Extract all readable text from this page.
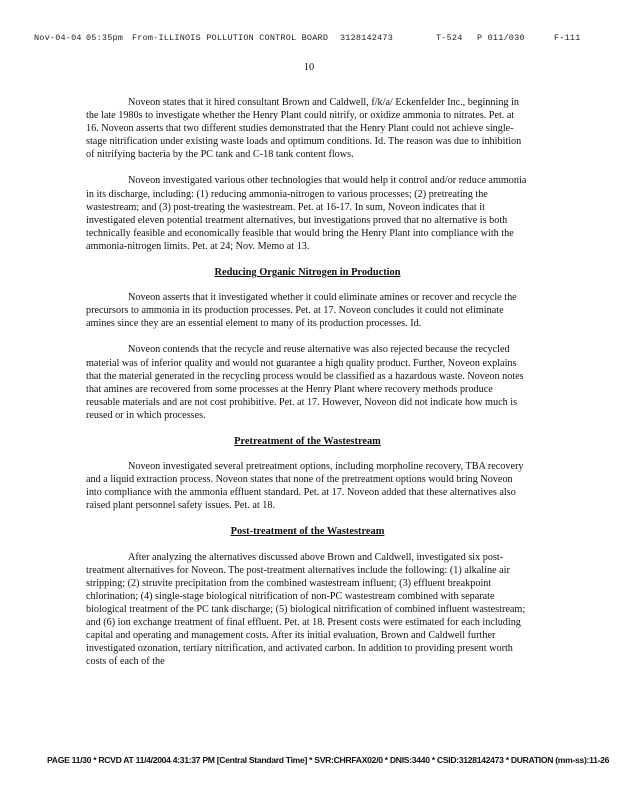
Nov-04-04 05:35pm From-ILLINOIS POLLUTION CONTROL BOARD 3128142473	T-524 P 011/030	F-111
10

Noveon states that it hired consultant Brown and Caldwell, f/k/a/ Eckenfelder Inc., beginning in the late 1980s to investigate whether the Henry Plant could nitrify, or oxidize ammonia to nitrates. Pet. at 16. Noveon asserts that two different studies demonstrated that the Henry Plant could not achieve single-stage nitrification under existing waste loads and optimum conditions. Id. The reason was due to inhibition of nitrifying bacteria by the PC tank and C-18 tank content flows.

Noveon investigated various other technologies that would help it control and/or reduce ammonia in its discharge, including: (1) reducing ammonia-nitrogen to various processes; (2) pretreating the wastestream; and (3) post-treating the wastestream. Pet. at 16-17. In sum, Noveon indicates that it investigated eleven potential treatment alternatives, but investigations proved that no alternative is both technically feasible and economically feasible that would bring the Henry Plant into compliance with the ammonia-nitrogen limits. Pet. at 24; Nov. Memo at 13.

Reducing Organic Nitrogen in Production

Noveon asserts that it investigated whether it could eliminate amines or recover and recycle the precursors to ammonia in its production processes. Pet. at 17. Noveon concludes it could not eliminate amines since they are an essential element to many of its production processes. Id.

Noveon contends that the recycle and reuse alternative was also rejected because the recycled material was of inferior quality and would not guarantee a high quality product. Further, Noveon explains that the material generated in the recycling process would be classified as a hazardous waste. Noveon notes that amines are recovered from some processes at the Henry Plant where recovery methods produce reusable materials and are not cost prohibitive. Pet. at 17. However, Noveon did not indicate how much is reused or in which processes.

Pretreatment of the Wastestream

Noveon investigated several pretreatment options, including morpholine recovery, TBA recovery and a liquid extraction process. Noveon states that none of the pretreatment options would bring Noveon into compliance with the ammonia effluent standard. Pet. at 17. Noveon added that these alternatives also raised plant personnel safety issues. Pet. at 18.

Post-treatment of the Wastestream

After analyzing the alternatives discussed above Brown and Caldwell, investigated six post-treatment alternatives for Noveon. The post-treatment alternatives include the following: (1) alkaline air stripping; (2) struvite precipitation from the combined wastestream influent; (3) effluent breakpoint chlorination; (4) single-stage biological nitrification of non-PC wastestream combined with separate biological treatment of the PC tank discharge; (5) biological nitrification of combined influent wastestream; and (6) ion exchange treatment of final effluent. Pet. at 18. Present costs were estimated for each including capital and operating and management costs. After its initial evaluation, Brown and Caldwell further investigated ozonation, tertiary nitrification, and activated carbon. In addition to providing present worth costs of each of the

PAGE 11/30 * RCVD AT 11/4/2004 4:31:37 PM [Central Standard Time] * SVR:CHRFAX02/0 * DNIS:3440 * CSID:3128142473 * DURATION (mm-ss):11-26
